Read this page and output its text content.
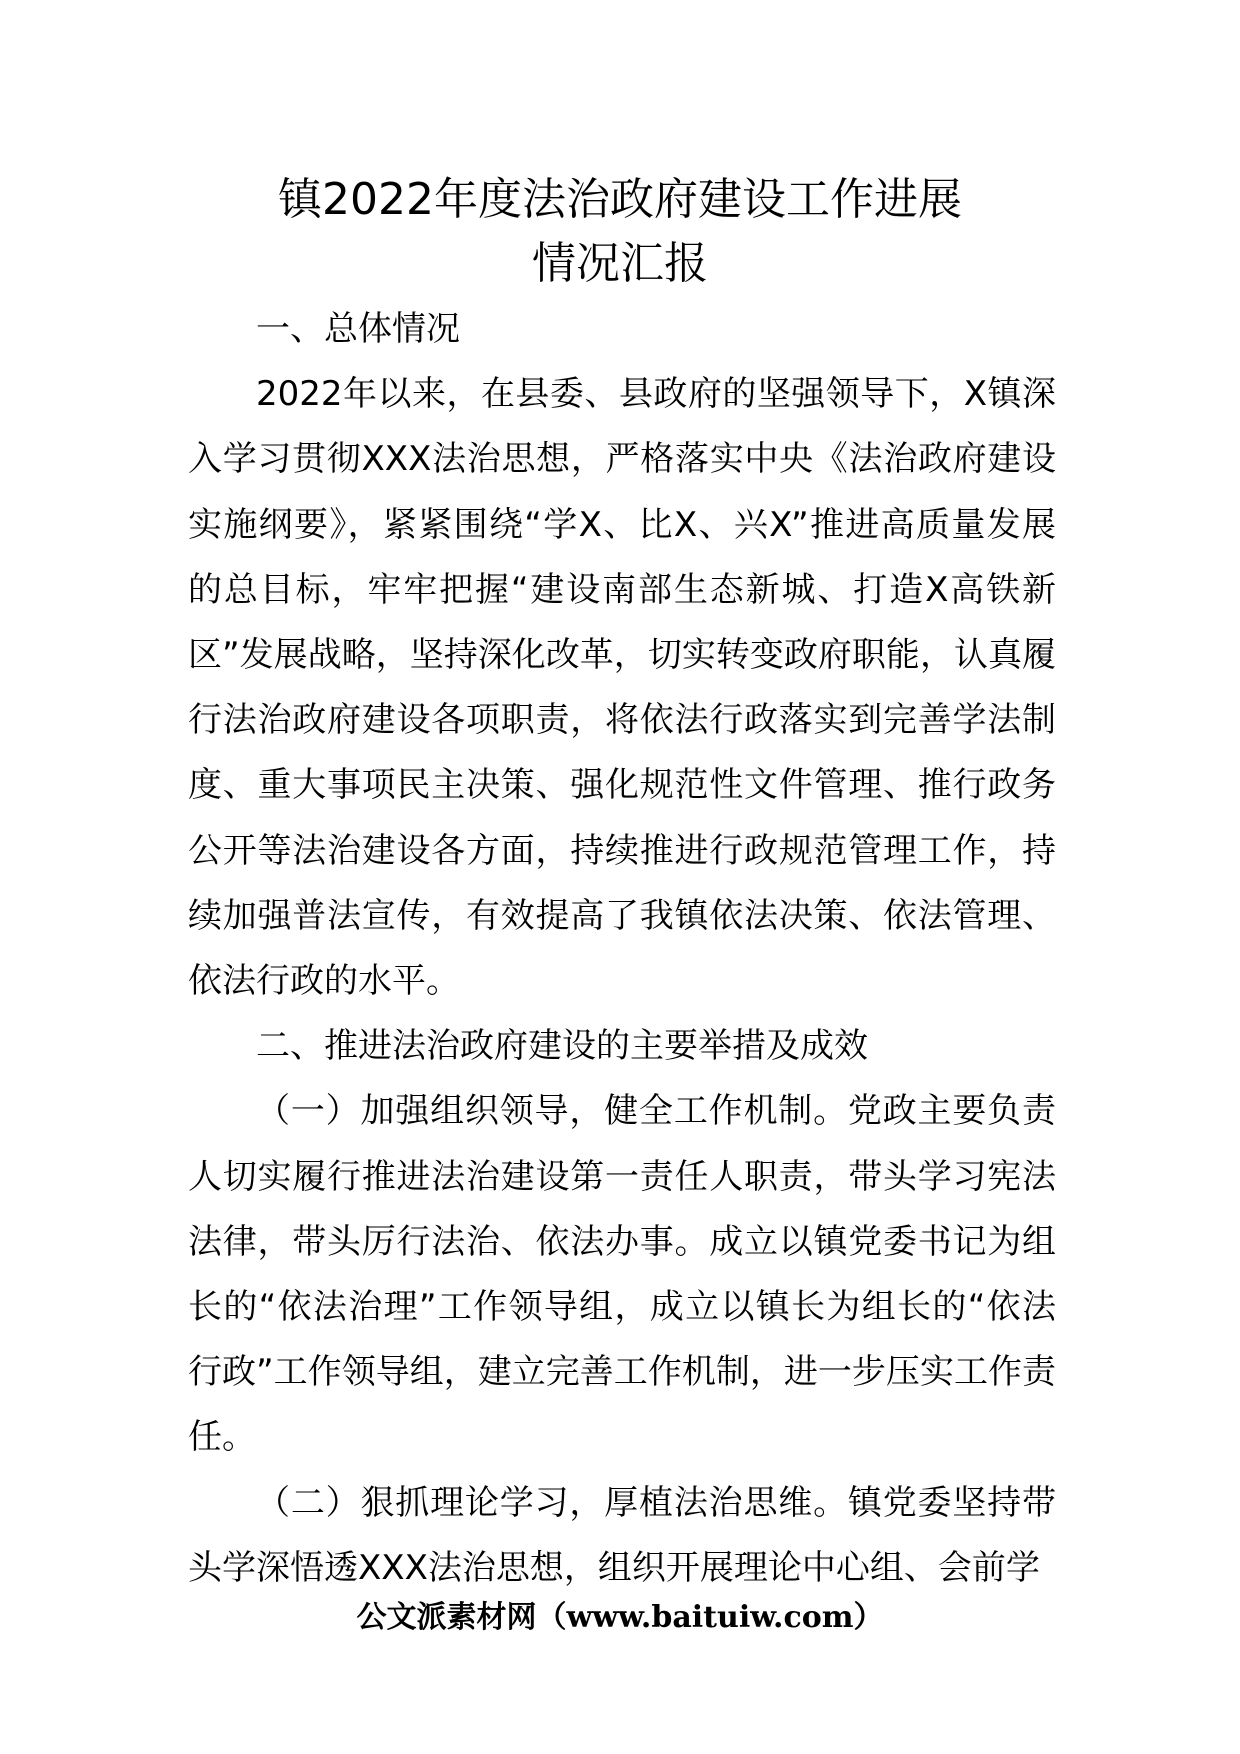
镇2022年度法治政府建设工作进展
情况汇报

一、总体情况

2022年以来，在县委、县政府的坚强领导下，X镇深入学习贯彻XXX法治思想，严格落实中央《法治政府建设实施纲要》，紧紧围绕“学X、比X、兴X”推进高质量发展的总目标，牢牢把握“建设南部生态新城、打造X高铁新区”发展战略，坚持深化改革，切实转变政府职能，认真履行法治政府建设各项职责，将依法行政落实到完善学法制度、重大事项民主决策、强化规范性文件管理、推行政务公开等法治建设各方面，持续推进行政规范管理工作，持续加强普法宣传，有效提高了我镇依法决策、依法管理、依法行政的水平。

二、推进法治政府建设的主要举措及成效

（一）加强组织领导，健全工作机制。党政主要负责人切实履行推进法治建设第一责任人职责，带头学习宪法法律，带头厉行法治、依法办事。成立以镇党委书记为组长的“依法治理”工作领导组，成立以镇长为组长的“依法行政”工作领导组，建立完善工作机制，进一步压实工作责任。

（二）狠抓理论学习，厚植法治思维。镇党委坚持带头学深悟透XXX法治思想，组织开展理论中心组、会前学

公文派素材网（www.baituiw.com）
